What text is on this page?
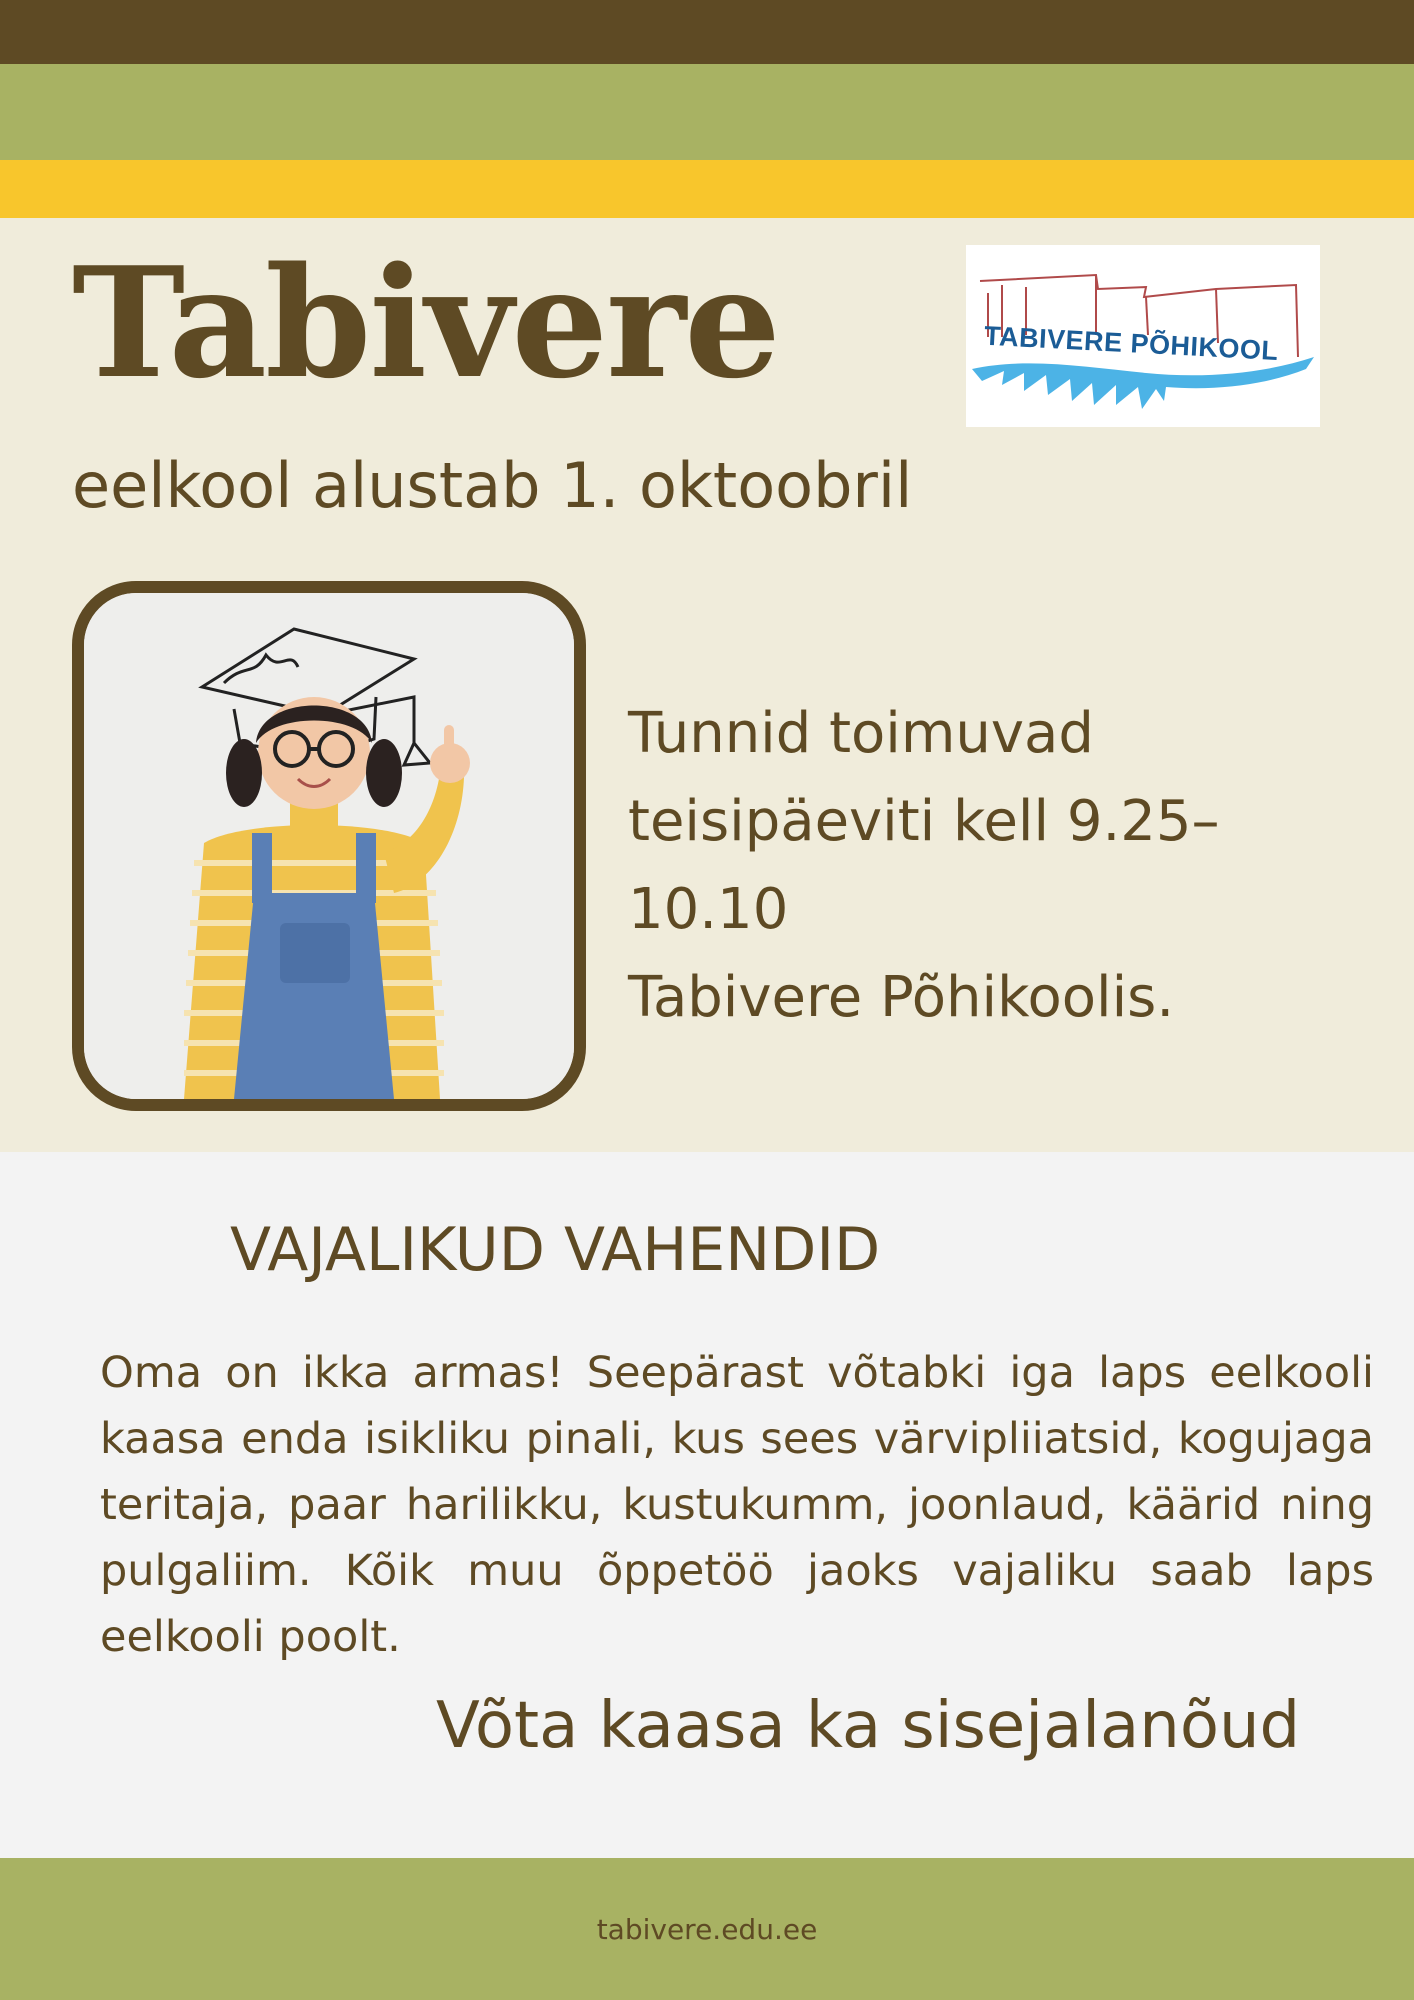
Tabivere

eelkool alustab 1. oktoobril

TABIVERE PÕHIKOOL

Tunnid toimuvad
teisipäeviti kell 9.25–10.10
Tabivere Põhikoolis.

VAJALIKUD VAHENDID

Oma on ikka armas! Seepärast võtabki iga laps eelkooli kaasa enda isikliku pinali, kus sees värvipliiatsid, kogujaga teritaja, paar harilikku, kustukumm, joonlaud, käärid ning pulgaliim. Kõik muu õppetöö jaoks vajaliku saab laps eelkooli poolt.

Võta kaasa ka sisejalanõud

tabivere.edu.ee
